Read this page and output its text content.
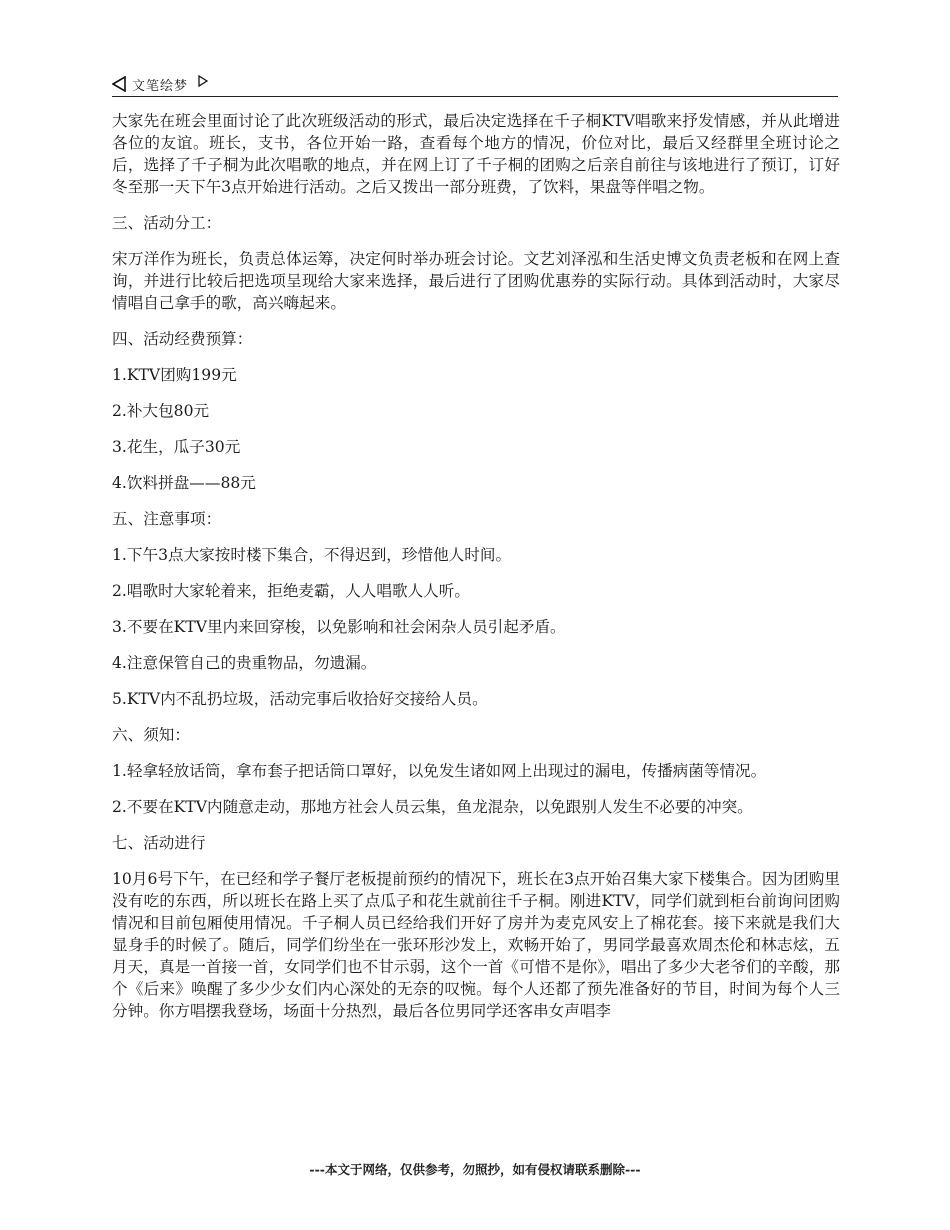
文笔绘梦

大家先在班会里面讨论了此次班级活动的形式，最后决定选择在千子桐KTV唱歌来抒发情感，并从此增进各位的友谊。班长，支书，各位开始一路，查看每个地方的情况，价位对比，最后又经群里全班讨论之后，选择了千子桐为此次唱歌的地点，并在网上订了千子桐的团购之后亲自前往与该地进行了预订，订好冬至那一天下午3点开始进行活动。之后又拨出一部分班费，了饮料，果盘等伴唱之物。

三、活动分工：

宋万洋作为班长，负责总体运筹，决定何时举办班会讨论。文艺刘泽泓和生活史博文负责老板和在网上查询，并进行比较后把选项呈现给大家来选择，最后进行了团购优惠券的实际行动。具体到活动时，大家尽情唱自己拿手的歌，高兴嗨起来。

四、活动经费预算：

1.KTV团购199元

2.补大包80元

3.花生，瓜子30元

4.饮料拼盘——88元

五、注意事项：

1.下午3点大家按时楼下集合，不得迟到，珍惜他人时间。

2.唱歌时大家轮着来，拒绝麦霸，人人唱歌人人听。

3.不要在KTV里内来回穿梭，以免影响和社会闲杂人员引起矛盾。

4.注意保管自己的贵重物品，勿遗漏。

5.KTV内不乱扔垃圾，活动完事后收拾好交接给人员。

六、须知：

1.轻拿轻放话筒，拿布套子把话筒口罩好，以免发生诸如网上出现过的漏电，传播病菌等情况。

2.不要在KTV内随意走动，那地方社会人员云集，鱼龙混杂，以免跟别人发生不必要的冲突。

七、活动进行

10月6号下午，在已经和学子餐厅老板提前预约的情况下，班长在3点开始召集大家下楼集合。因为团购里没有吃的东西，所以班长在路上买了点瓜子和花生就前往千子桐。刚进KTV，同学们就到柜台前询问团购情况和目前包厢使用情况。千子桐人员已经给我们开好了房并为麦克风安上了棉花套。接下来就是我们大显身手的时候了。随后，同学们纷坐在一张环形沙发上，欢畅开始了，男同学最喜欢周杰伦和林志炫，五月天，真是一首接一首，女同学们也不甘示弱，这个一首《可惜不是你》，唱出了多少大老爷们的辛酸，那个《后来》唤醒了多少少女们内心深处的无奈的叹惋。每个人还都了预先准备好的节目，时间为每个人三分钟。你方唱摆我登场，场面十分热烈，最后各位男同学还客串女声唱李

---本文于网络，仅供参考，勿照抄，如有侵权请联系删除---
